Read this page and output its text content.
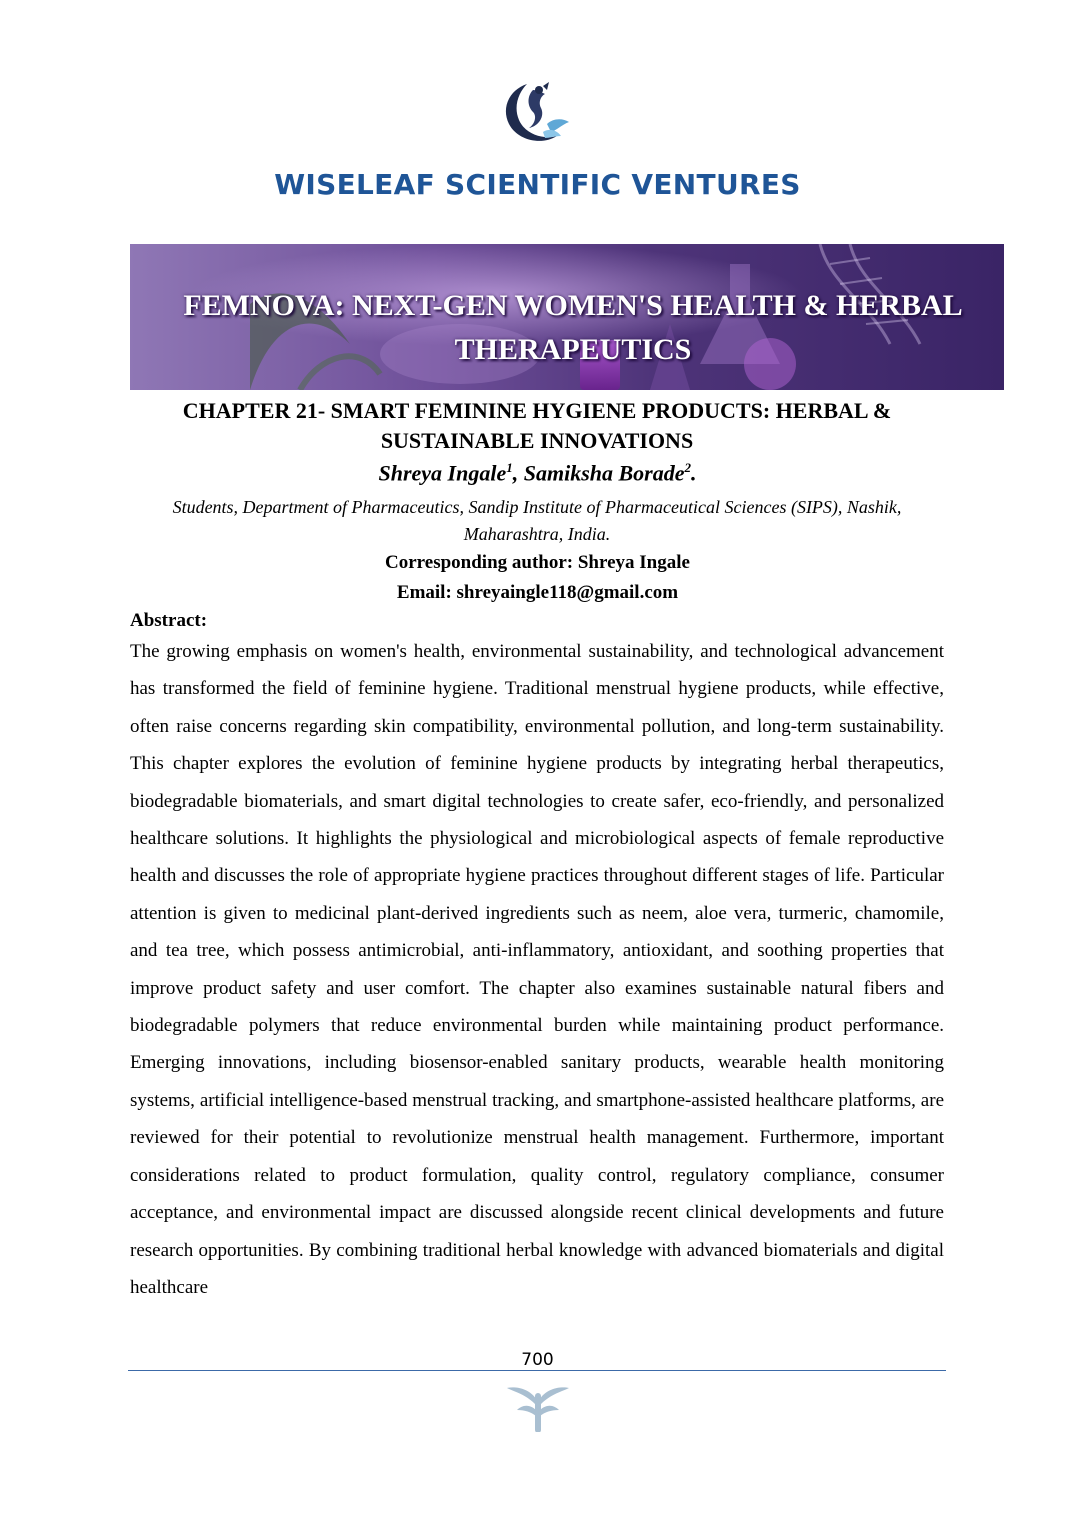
WISELEAF SCIENTIFIC VENTURES
FEMNOVA: NEXT-GEN WOMEN'S HEALTH & HERBAL THERAPEUTICS
CHAPTER 21- SMART FEMININE HYGIENE PRODUCTS: HERBAL & SUSTAINABLE INNOVATIONS
Shreya Ingale$^1$, Samiksha Borade$^2$.
Students, Department of Pharmaceutics, Sandip Institute of Pharmaceutical Sciences (SIPS), Nashik, Maharashtra, India.
Corresponding author: Shreya Ingale
Email: shreyaingle118@gmail.com
Abstract:
The growing emphasis on women's health, environmental sustainability, and technological advancement has transformed the field of feminine hygiene. Traditional menstrual hygiene products, while effective, often raise concerns regarding skin compatibility, environmental pollution, and long-term sustainability. This chapter explores the evolution of feminine hygiene products by integrating herbal therapeutics, biodegradable biomaterials, and smart digital technologies to create safer, eco-friendly, and personalized healthcare solutions. It highlights the physiological and microbiological aspects of female reproductive health and discusses the role of appropriate hygiene practices throughout different stages of life. Particular attention is given to medicinal plant-derived ingredients such as neem, aloe vera, turmeric, chamomile, and tea tree, which possess antimicrobial, anti-inflammatory, antioxidant, and soothing properties that improve product safety and user comfort. The chapter also examines sustainable natural fibers and biodegradable polymers that reduce environmental burden while maintaining product performance. Emerging innovations, including biosensor-enabled sanitary products, wearable health monitoring systems, artificial intelligence-based menstrual tracking, and smartphone-assisted healthcare platforms, are reviewed for their potential to revolutionize menstrual health management. Furthermore, important considerations related to product formulation, quality control, regulatory compliance, consumer acceptance, and environmental impact are discussed alongside recent clinical developments and future research opportunities. By combining traditional herbal knowledge with advanced biomaterials and digital healthcare
700
